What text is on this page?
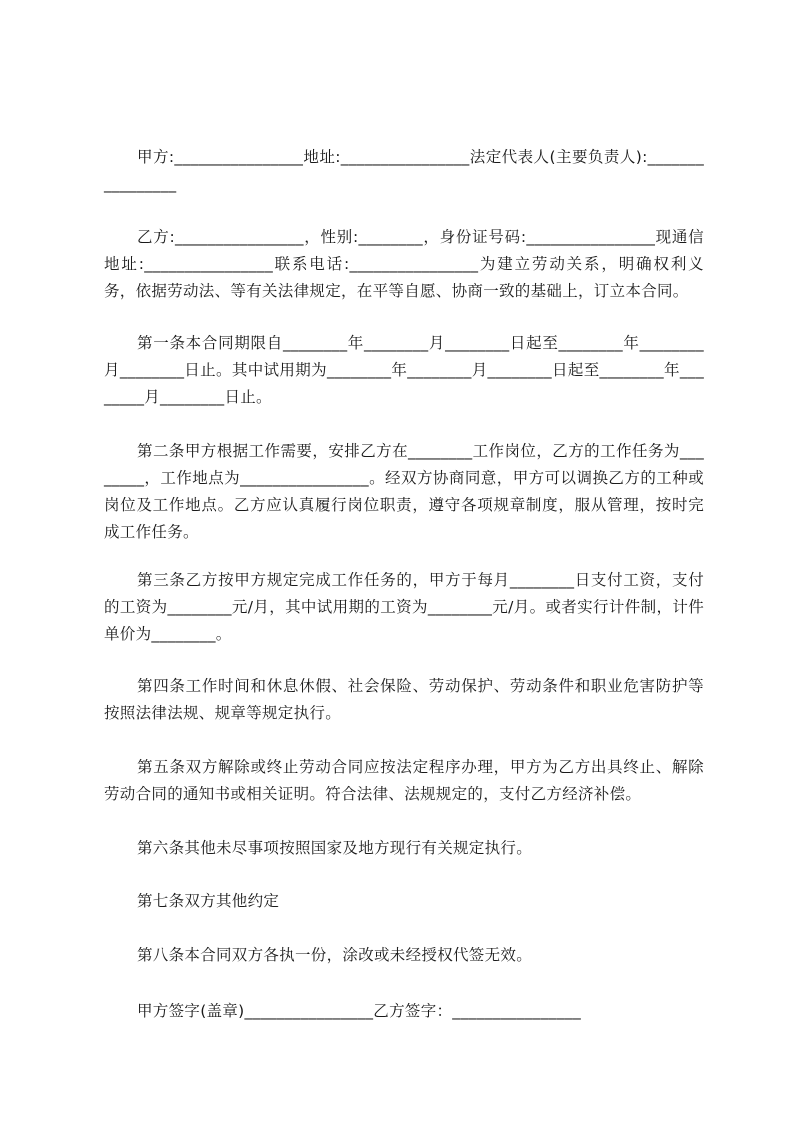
甲方:________________地址:________________法定代表人(主要负责人):________________

乙方:________________，性别:________，身份证号码:________________现通信地址:________________联系电话:________________为建立劳动关系，明确权利义务，依据劳动法、等有关法律规定，在平等自愿、协商一致的基础上，订立本合同。

第一条本合同期限自________年________月________日起至________年________月________日止。其中试用期为________年________月________日起至________年________月________日止。

第二条甲方根据工作需要，安排乙方在________工作岗位，乙方的工作任务为________，工作地点为________________。经双方协商同意，甲方可以调换乙方的工种或岗位及工作地点。乙方应认真履行岗位职责，遵守各项规章制度，服从管理，按时完成工作任务。

第三条乙方按甲方规定完成工作任务的，甲方于每月________日支付工资，支付的工资为________元/月，其中试用期的工资为________元/月。或者实行计件制，计件单价为________。

第四条工作时间和休息休假、社会保险、劳动保护、劳动条件和职业危害防护等按照法律法规、规章等规定执行。

第五条双方解除或终止劳动合同应按法定程序办理，甲方为乙方出具终止、解除劳动合同的通知书或相关证明。符合法律、法规规定的，支付乙方经济补偿。

第六条其他未尽事项按照国家及地方现行有关规定执行。

第七条双方其他约定

第八条本合同双方各执一份，涂改或未经授权代签无效。

甲方签字(盖章)________________乙方签字：________________
